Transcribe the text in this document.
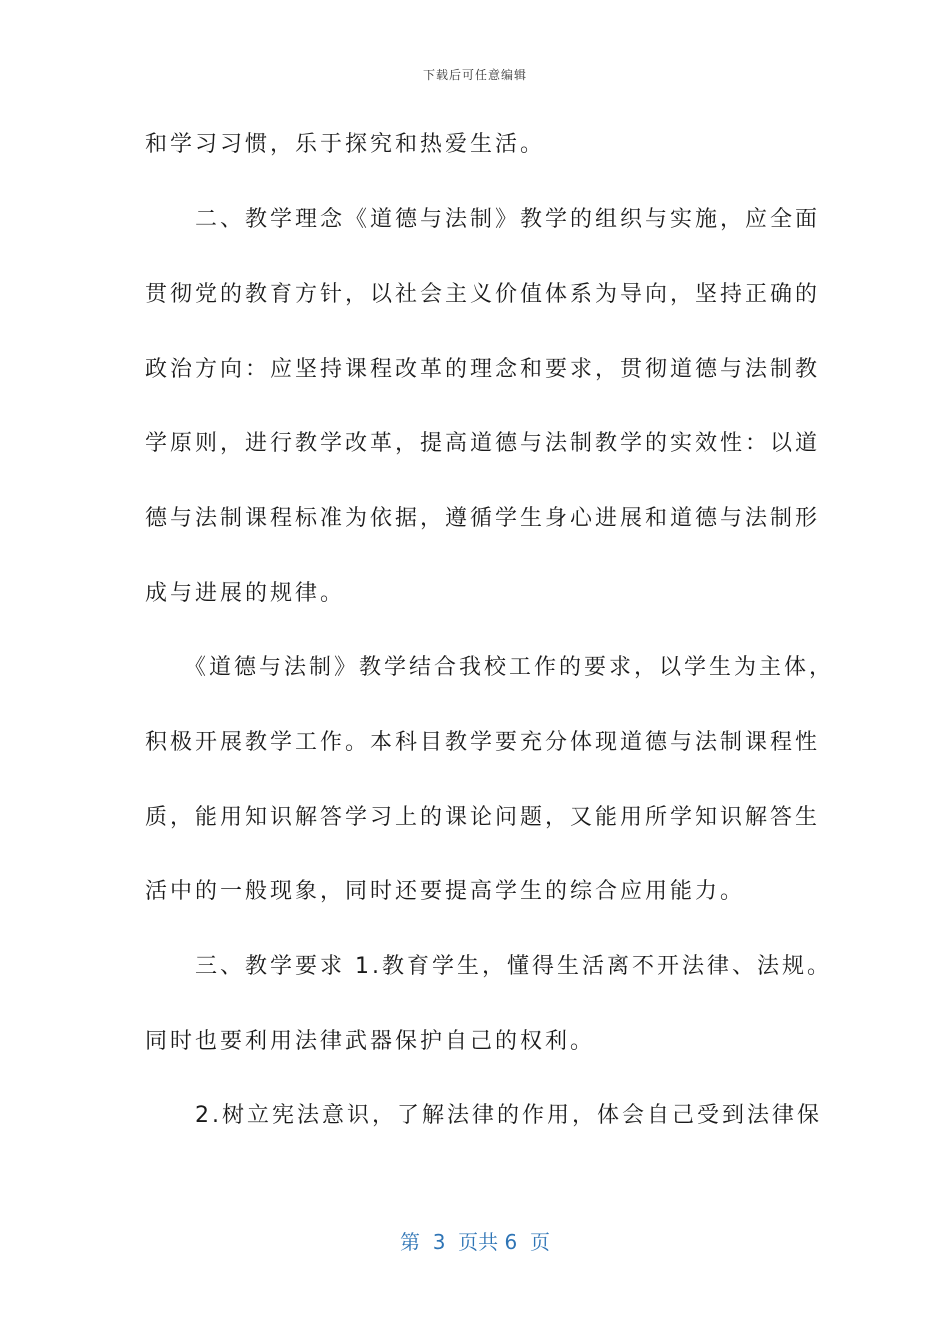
下载后可任意编辑
和学习习惯，乐于探究和热爱生活。
　　二、教学理念《道德与法制》教学的组织与实施，应全面
贯彻党的教育方针，以社会主义价值体系为导向，坚持正确的
政治方向：应坚持课程改革的理念和要求，贯彻道德与法制教
学原则，进行教学改革，提高道德与法制教学的实效性：以道
德与法制课程标准为依据，遵循学生身心进展和道德与法制形
成与进展的规律。
　　《道德与法制》教学结合我校工作的要求，以学生为主体，
积极开展教学工作。本科目教学要充分体现道德与法制课程性
质，能用知识解答学习上的课论问题，又能用所学知识解答生
活中的一般现象，同时还要提高学生的综合应用能力。
　　三、教学要求 1.教育学生，懂得生活离不开法律、法规。
同时也要利用法律武器保护自己的权利。
　　2.树立宪法意识，了解法律的作用，体会自己受到法律保
第  3  页共 6  页
